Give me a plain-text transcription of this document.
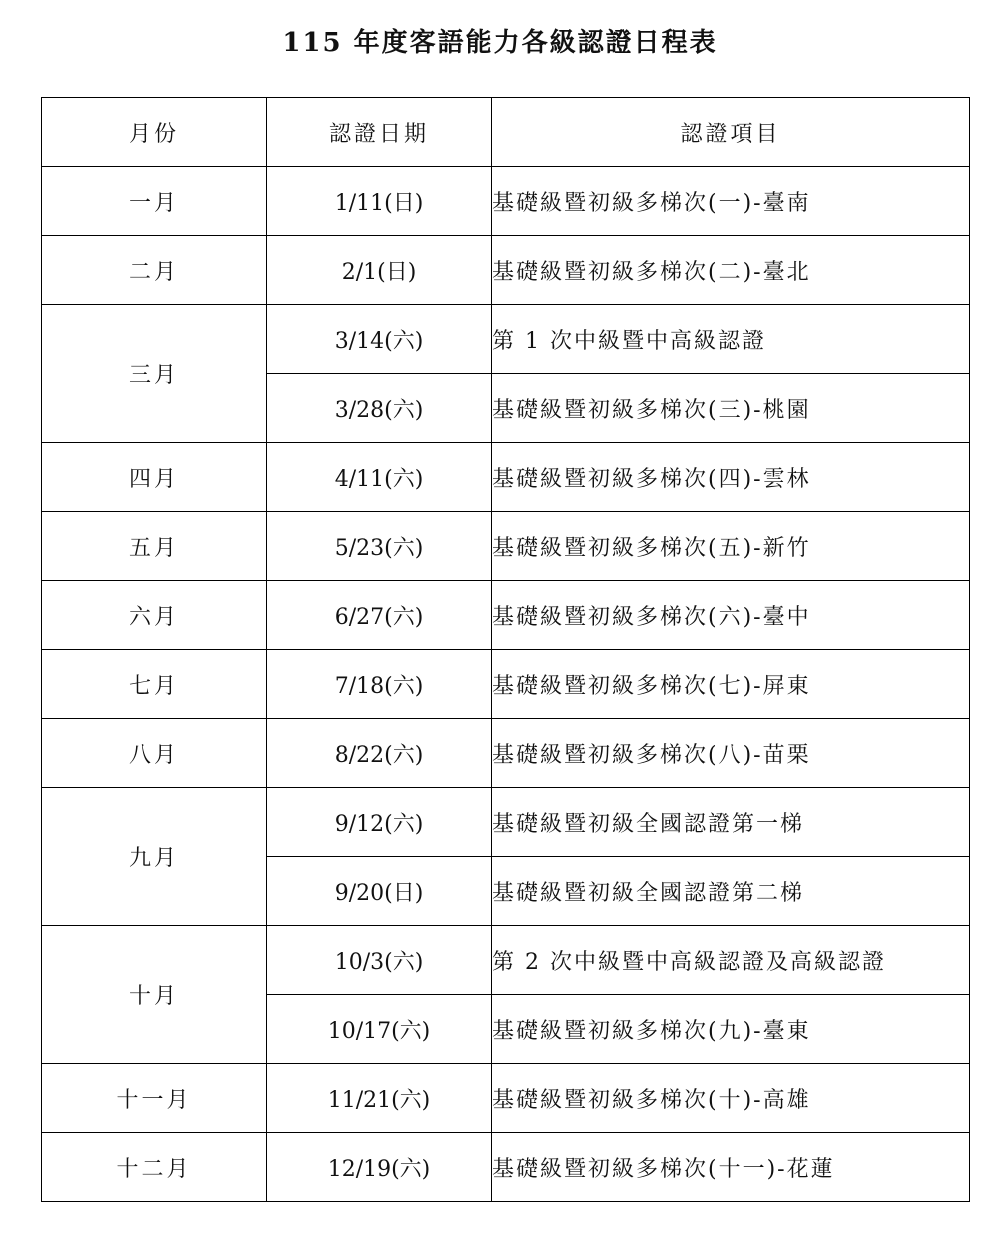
115 年度客語能力各級認證日程表
月份	認證日期	認證項目
一月	1/11(日)	基礎級暨初級多梯次(一)-臺南
二月	2/1(日)	基礎級暨初級多梯次(二)-臺北
三月	3/14(六)	第 1 次中級暨中高級認證
	3/28(六)	基礎級暨初級多梯次(三)-桃園
四月	4/11(六)	基礎級暨初級多梯次(四)-雲林
五月	5/23(六)	基礎級暨初級多梯次(五)-新竹
六月	6/27(六)	基礎級暨初級多梯次(六)-臺中
七月	7/18(六)	基礎級暨初級多梯次(七)-屏東
八月	8/22(六)	基礎級暨初級多梯次(八)-苗栗
九月	9/12(六)	基礎級暨初級全國認證第一梯
	9/20(日)	基礎級暨初級全國認證第二梯
十月	10/3(六)	第 2 次中級暨中高級認證及高級認證
	10/17(六)	基礎級暨初級多梯次(九)-臺東
十一月	11/21(六)	基礎級暨初級多梯次(十)-高雄
十二月	12/19(六)	基礎級暨初級多梯次(十一)-花蓮
